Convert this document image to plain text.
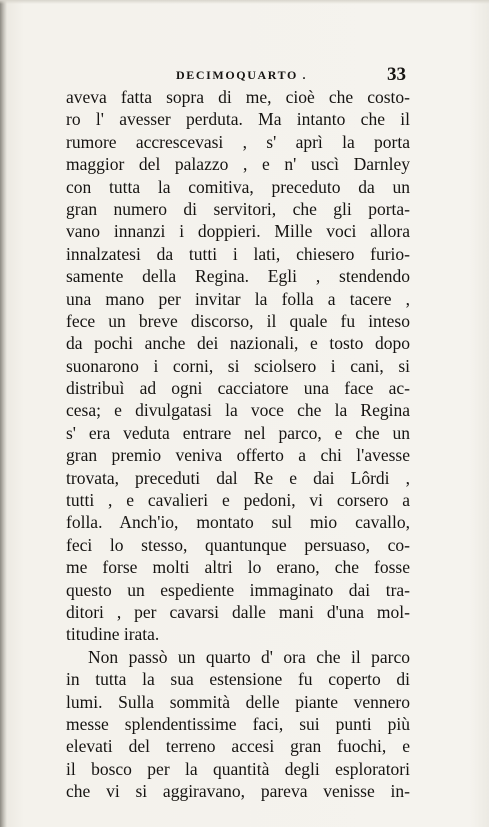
DECIMOQUARTO .	33
aveva fatta sopra di me, cioè che costo-
ro l' avesser perduta. Ma intanto che il
rumore accrescevasi , s' aprì la porta
maggior del palazzo , e n' uscì Darnley
con tutta la comitiva, preceduto da un
gran numero di servitori, che gli porta-
vano innanzi i doppieri. Mille voci allora
innalzatesi da tutti i lati, chiesero furio-
samente della Regina. Egli , stendendo
una mano per invitar la folla a tacere ,
fece un breve discorso, il quale fu inteso
da pochi anche dei nazionali, e tosto dopo
suonarono i corni, si sciolsero i cani, si
distribuì ad ogni cacciatore una face ac-
cesa; e divulgatasi la voce che la Regina
s' era veduta entrare nel parco, e che un
gran premio veniva offerto a chi l'avesse
trovata, preceduti dal Re e dai Lôrdi ,
tutti , e cavalieri e pedoni, vi corsero a
folla. Anch'io, montato sul mio cavallo,
feci lo stesso, quantunque persuaso, co-
me forse molti altri lo erano, che fosse
questo un espediente immaginato dai tra-
ditori , per cavarsi dalle mani d'una mol-
titudine irata.
Non passò un quarto d' ora che il parco
in tutta la sua estensione fu coperto di
lumi. Sulla sommità delle piante vennero
messe splendentissime faci, sui punti più
elevati del terreno accesi gran fuochi, e
il bosco per la quantità degli esploratori
che vi si aggiravano, pareva venisse in-
